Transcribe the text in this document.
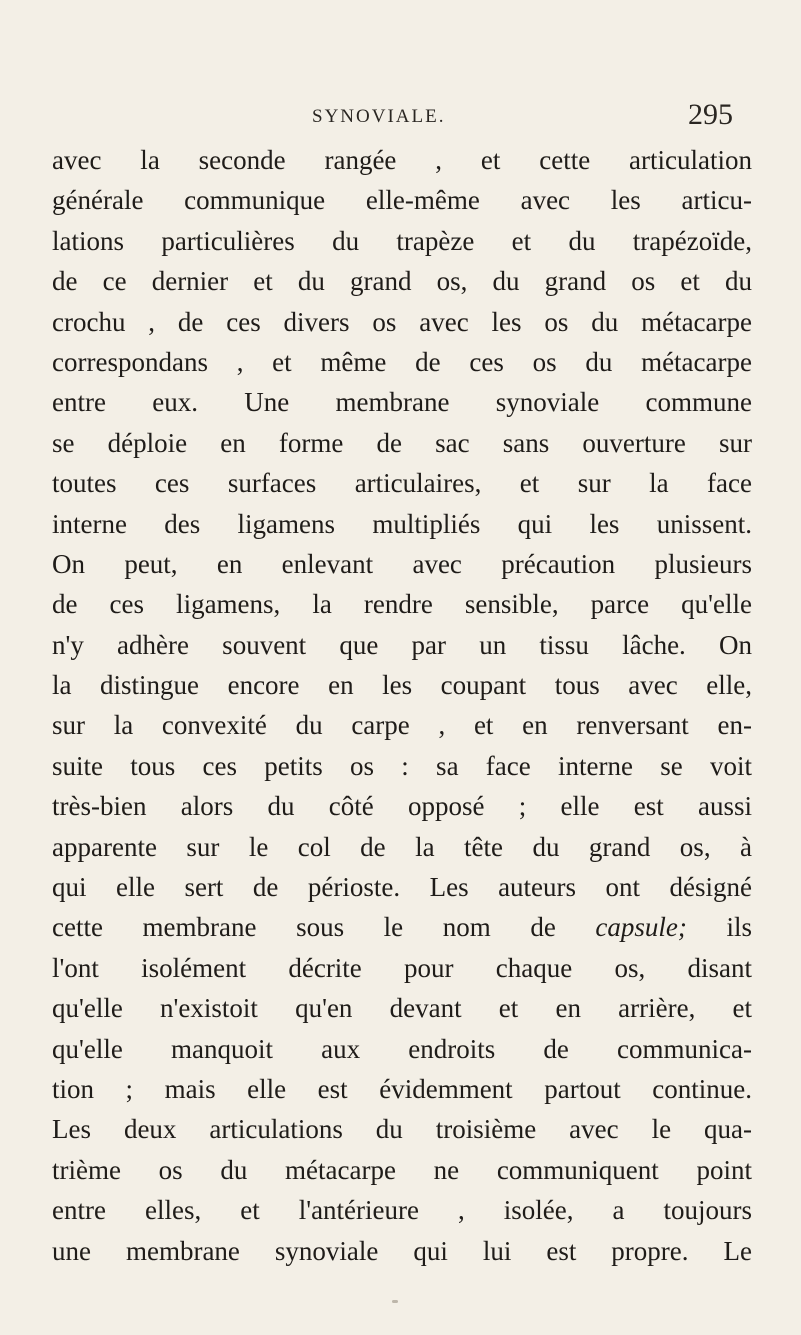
SYNOVIALE.	295
avec la seconde rangée , et cette articulation
générale communique elle-même avec les articu-
lations particulières du trapèze et du trapézoïde,
de ce dernier et du grand os, du grand os et du
crochu , de ces divers os avec les os du métacarpe
correspondans , et même de ces os du métacarpe
entre eux. Une membrane synoviale commune
se déploie en forme de sac sans ouverture sur
toutes ces surfaces articulaires, et sur la face
interne des ligamens multipliés qui les unissent.
On peut, en enlevant avec précaution plusieurs
de ces ligamens, la rendre sensible, parce qu'elle
n'y adhère souvent que par un tissu lâche. On
la distingue encore en les coupant tous avec elle,
sur la convexité du carpe , et en renversant en-
suite tous ces petits os : sa face interne se voit
très-bien alors du côté opposé ; elle est aussi
apparente sur le col de la tête du grand os, à
qui elle sert de périoste. Les auteurs ont désigné
cette membrane sous le nom de capsule; ils
l'ont isolément décrite pour chaque os, disant
qu'elle n'existoit qu'en devant et en arrière, et
qu'elle manquoit aux endroits de communica-
tion ; mais elle est évidemment partout continue.
Les deux articulations du troisième avec le qua-
trième os du métacarpe ne communiquent point
entre elles, et l'antérieure , isolée, a toujours
une membrane synoviale qui lui est propre. Le
